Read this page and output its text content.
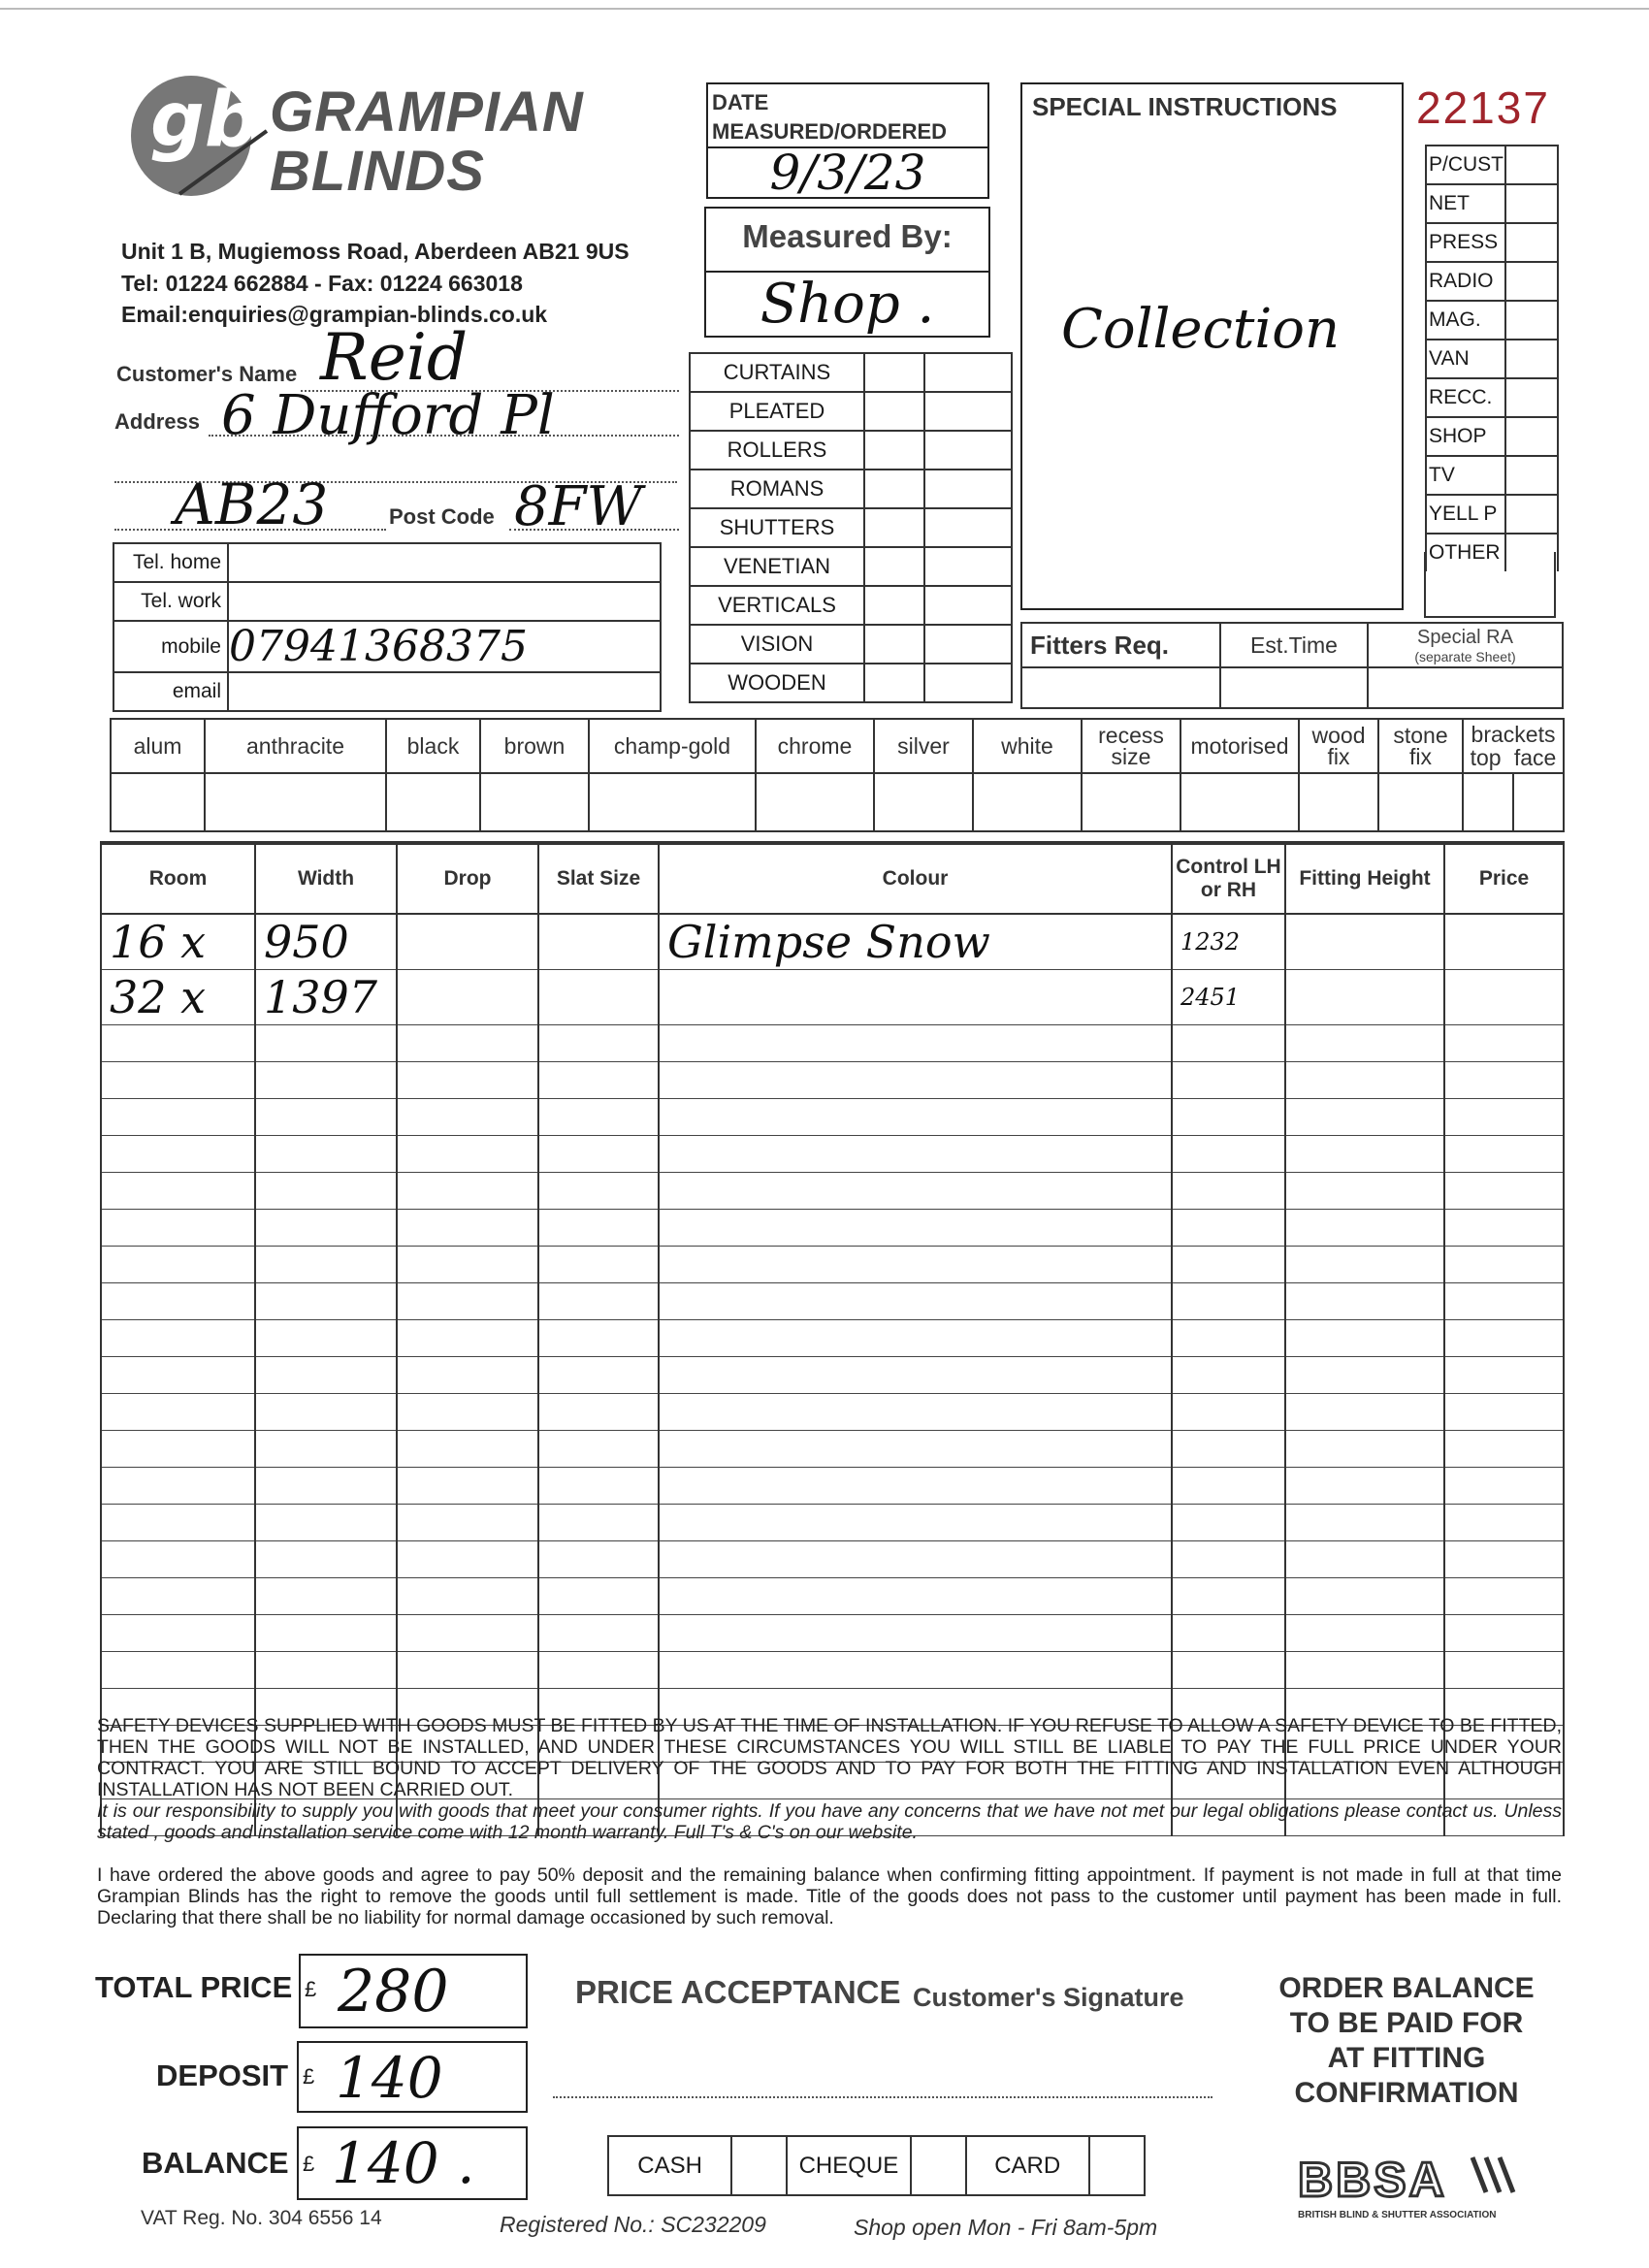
gb GRAMPIAN
BLINDS
Unit 1 B, Mugiemoss Road, Aberdeen AB21 9US
Tel: 01224 662884 - Fax: 01224 663018
Email:enquiries@grampian-blinds.co.uk
DATE MEASURED/ORDERED
9/3/23
Measured By:
Shop .
SPECIAL INSTRUCTIONS
Collection
22137
P/CUST	
NET	
PRESS	
RADIO	
MAG.	
VAN	
RECC.	
SHOP	
TV	
YELL P	
OTHER	
Customer's Name Reid
Address 6 Dufford Pl
AB23	Post Code 8FW
Tel. home	
Tel. work	
mobile	07941368375
email	
CURTAINS		
PLEATED		
ROLLERS		
ROMANS		
SHUTTERS		
VENETIAN		
VERTICALS		
VISION		
WOODEN		
Fitters Req.	Est.Time	Special RA
(separate Sheet)

alum	anthracite	black	brown	champ-gold	chrome	silver	white	recess size	motorised	wood fix	stone fix	brackets
top face	

Room	Width	Drop	Slat Size	Colour	Control LH or RH	Fitting Height	Price
16 x	950			Glimpse Snow	1232		
32 x	1397				2451		

SAFETY DEVICES SUPPLIED WITH GOODS MUST BE FITTED BY US AT THE TIME OF INSTALLATION. IF YOU REFUSE TO ALLOW A SAFETY DEVICE TO BE FITTED, THEN THE GOODS WILL NOT BE INSTALLED, AND UNDER THESE CIRCUMSTANCES YOU WILL STILL BE LIABLE TO PAY THE FULL PRICE UNDER YOUR CONTRACT. YOU ARE STILL BOUND TO ACCEPT DELIVERY OF THE GOODS AND TO PAY FOR BOTH THE FITTING AND INSTALLATION EVEN ALTHOUGH INSTALLATION HAS NOT BEEN CARRIED OUT.
It is our responsibility to supply you with goods that meet your consumer rights. If you have any concerns that we have not met our legal obligations please contact us. Unless stated , goods and installation service come with 12 month warranty. Full T's & C's on our website.
I have ordered the above goods and agree to pay 50% deposit and the remaining balance when confirming fitting appointment. If payment is not made in full at that time Grampian Blinds has the right to remove the goods until full settlement is made. Title of the goods does not pass to the customer until payment has been made in full. Declaring that there shall be no liability for normal damage occasioned by such removal.
TOTAL PRICE £ 280
DEPOSIT £ 140
BALANCE £ 140 .
PRICE ACCEPTANCE Customer's Signature
CASH		CHEQUE		CARD	
ORDER BALANCE
TO BE PAID FOR
AT FITTING
CONFIRMATION
BBSA
BRITISH BLIND & SHUTTER ASSOCIATION
VAT Reg. No. 304 6556 14	Registered No.: SC232209	Shop open Mon - Fri 8am-5pm
